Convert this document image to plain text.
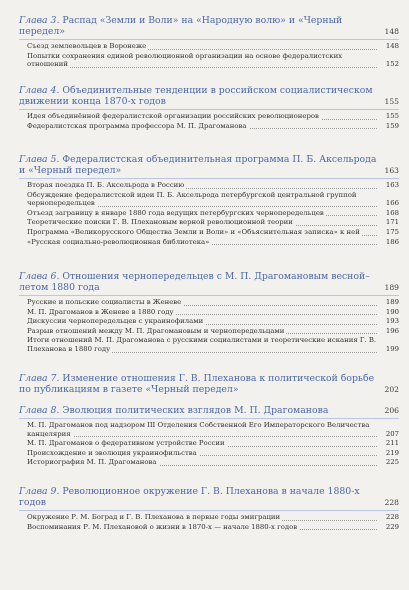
Глава 3. Распад «Земли и Воли» на «Народную волю» и «Черный передел»	148
Съезд землевольцев в Воронеже	148
Попытки сохранения единой революционной организации на основе федералистских отношений	152
Глава 4. Объединительные тенденции в российском социалистическом движении конца 1870-х годов	155
Идея объединённой федералистской организации российских революционеров	155
Федералистская программа профессора М. П. Драгоманова	159
Глава 5. Федералистская объединительная программа П. Б. Аксельрода и «Черный передел»	163
Вторая поездка П. Б. Аксельрода в Россию	163
Обсуждение федералистской идеи П. Б. Аксельрода петербургской центральной группой чернопередельцев	166
Отъезд заграницу в январе 1880 года ведущих петербургских чернопередельцев	168
Теоретические поиски Г. В. Плехановым верной революционной теории	171
Программа «Великорусского Общества Земли и Воли» и «Объяснительная записка» к ней	175
«Русская социально-революционная библиотека»	186
Глава 6. Отношения чернопередельцев с М. П. Драгомановым весной–летом 1880 года	189
Русские и польские социалисты в Женеве	189
М. П. Драгоманов в Женеве в 1880 году	190
Дискуссии чернопередельцев с украинофилами	193
Разрыв отношений между М. П. Драгомановым и чернопередельцами	196
Итоги отношений М. П. Драгоманова с русскими социалистами и теоретические искания Г. В. Плеханова в 1880 году	199
Глава 7. Изменение отношения Г. В. Плеханова к политической борьбе по публикациям в газете «Черный передел»	202
Глава 8. Эволюция политических взглядов М. П. Драгоманова	206
М. П. Драгоманов под надзором III Отделения Собственной Его Императорского Величества канцелярия	207
М. П. Драгоманов о федеративном устройстве России	211
Происхождение и эволюция украинофильства	219
Историография М. П. Драгоманова	225
Глава 9. Революционное окружение Г. В. Плеханова в начале 1880-х годов	228
Окружение Р. М. Боград и Г. В. Плеханова в первые годы эмиграции	228
Воспоминания Р. М. Плехановой о жизни в 1870-х — начале 1880-х годов	229
